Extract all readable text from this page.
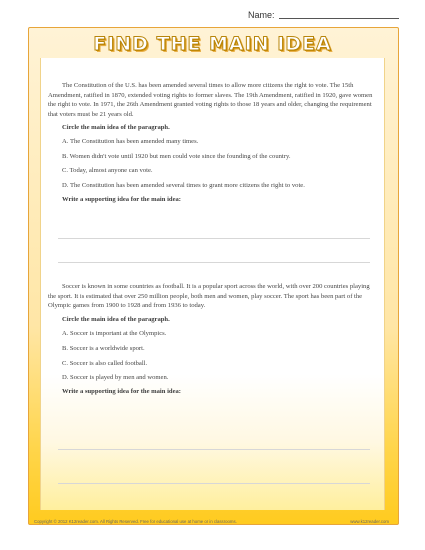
Name:
FIND THE MAIN IDEA

The Constitution of the U.S. has been amended several times to allow more citizens the right to vote. The 15th Amendment, ratified in 1870, extended voting rights to former slaves. The 19th Amendment, ratified in 1920, gave women the right to vote. In 1971, the 26th Amendment granted voting rights to those 18 years and older, changing the requirement that voters must be 21 years old.

Circle the main idea of the paragraph.

A. The Constitution has been amended many times.

B. Women didn't vote until 1920 but men could vote since the founding of the country.

C. Today, almost anyone can vote.

D. The Constitution has been amended several times to grant more citizens the right to vote.

Write a supporting idea for the main idea:

Soccer is known in some countries as football. It is a popular sport across the world, with over 200 countries playing the sport. It is estimated that over 250 million people, both men and women, play soccer. The sport has been part of the Olympic games from 1900 to 1928 and from 1936 to today.

Circle the main idea of the paragraph.

A. Soccer is important at the Olympics.

B. Soccer is a worldwide sport.

C. Soccer is also called football.

D. Soccer is played by men and women.

Write a supporting idea for the main idea:

Copyright © 2012 K12reader.com. All Rights Reserved. Free for educational use at home or in classrooms.	www.k12reader.com
